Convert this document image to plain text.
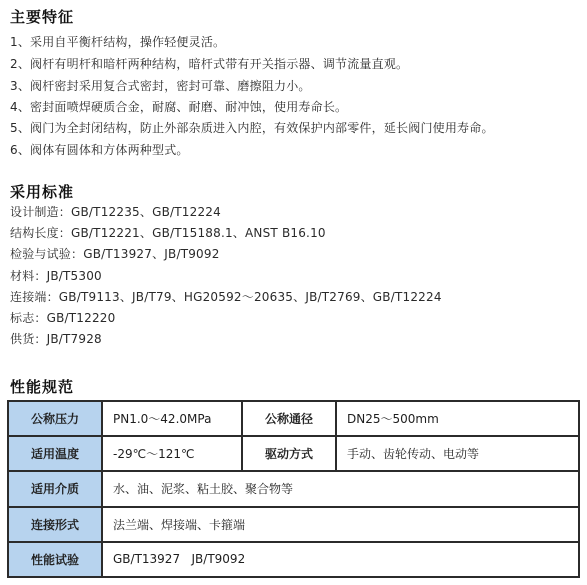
主要特征
1、采用自平衡杆结构，操作轻便灵活。
2、阀杆有明杆和暗杆两种结构，暗杆式带有开关指示器、调节流量直观。
3、阀杆密封采用复合式密封，密封可靠、磨擦阻力小。
4、密封面喷焊硬质合金，耐腐、耐磨、耐冲蚀，使用寿命长。
5、阀门为全封闭结构，防止外部杂质进入内腔，有效保护内部零件，延长阀门使用寿命。
6、阀体有圆体和方体两种型式。
采用标准
设计制造：GB/T12235、GB/T12224
结构长度：GB/T12221、GB/T15188.1、ANST B16.10
检验与试验：GB/T13927、JB/T9092
材料：JB/T5300
连接端：GB/T9113、JB/T79、HG20592～20635、JB/T2769、GB/T12224
标志：GB/T12220
供货：JB/T7928
性能规范
公称压力	PN1.0～42.0MPa	公称通径	DN25～500mm
适用温度	-29℃～121℃	驱动方式	手动、齿轮传动、电动等
适用介质	水、油、泥浆、粘土胶、聚合物等		
连接形式	法兰端、焊接端、卡箍端		
性能试验	GB/T13927   JB/T9092		
